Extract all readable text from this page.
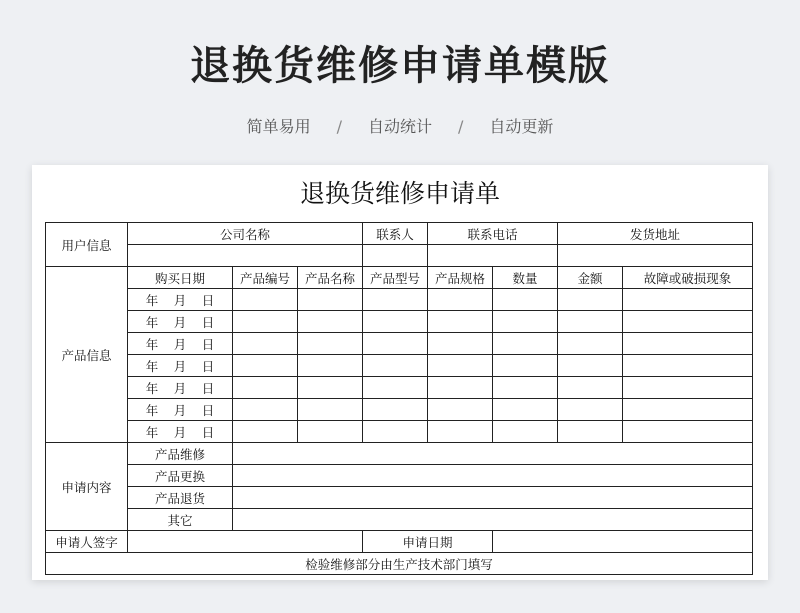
退换货维修申请单模版
简单易用 / 自动统计 / 自动更新
退换货维修申请单
用户信息	公司名称			联系人	联系电话		发货地址	

产品信息	购买日期	产品编号	产品名称	产品型号	产品规格	数量	金额	故障或破损现象
	年 月 日							
	年 月 日							
	年 月 日							
	年 月 日							
	年 月 日							
	年 月 日							
	年 月 日							
申请内容	产品维修							
	产品更换							
	产品退货							
	其它							
申请人签字				申请日期				
检验维修部分由生产技术部门填写								
